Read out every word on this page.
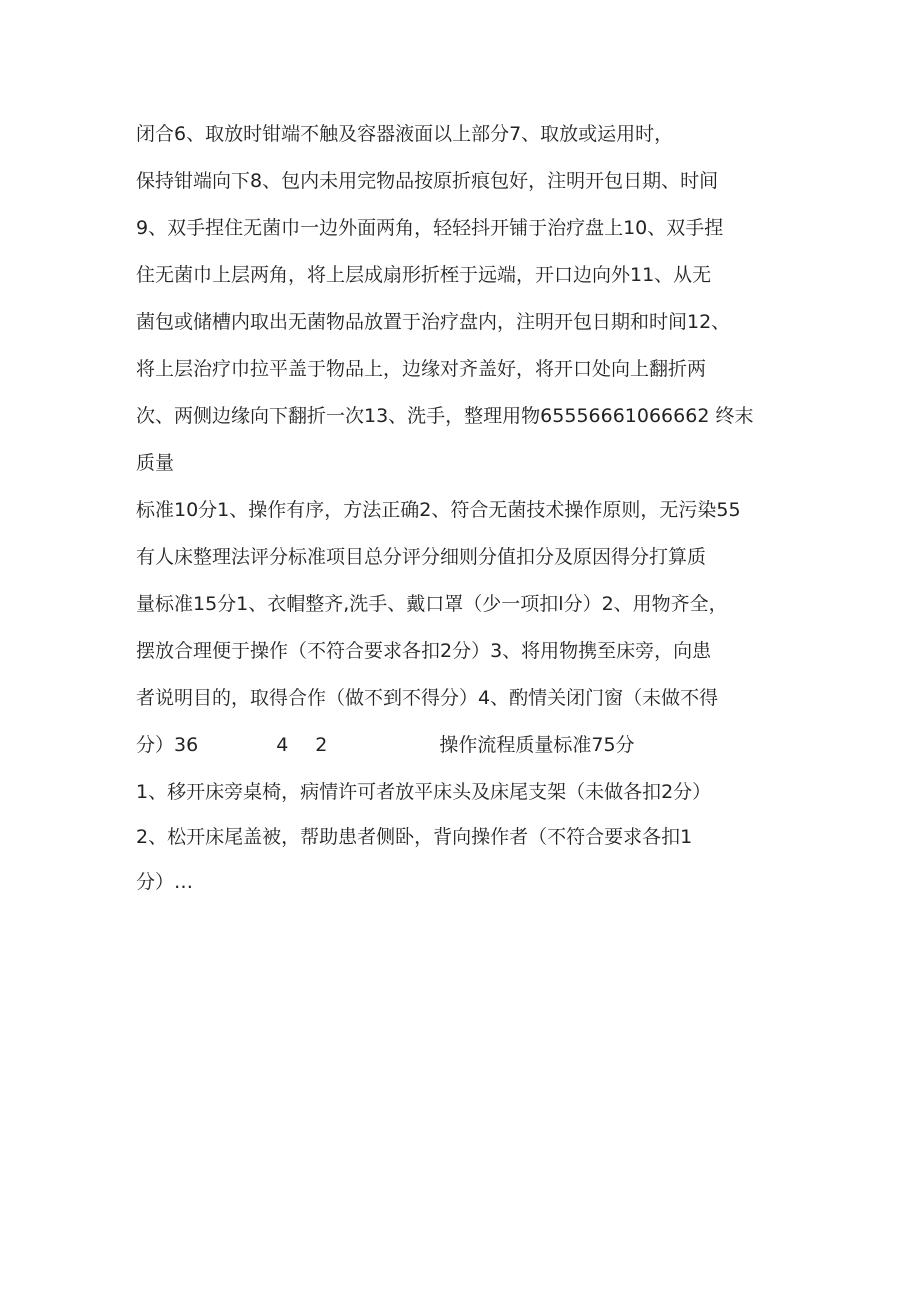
闭合6、取放时钳端不触及容器液面以上部分7、取放或运用时，
保持钳端向下8、包内未用完物品按原折痕包好，注明开包日期、时间
9、双手捏住无菌巾一边外面两角，轻轻抖开铺于治疗盘上10、双手捏
住无菌巾上层两角，将上层成扇形折桎于远端，开口边向外11、从无
菌包或储槽内取出无菌物品放置于治疗盘内，注明开包日期和时间12、
将上层治疗巾拉平盖于物品上，边缘对齐盖好，将开口处向上翻折两
次、两侧边缘向下翻折一次13、洗手，整理用物65556661066662 终末
质量
标准10分1、操作有序，方法正确2、符合无菌技术操作原则，无污染55
有人床整理法评分标准项目总分评分细则分值扣分及原因得分打算质
量标准15分1、衣帽整齐,洗手、戴口罩（少一项扣l分）2、用物齐全，
摆放合理便于操作（不符合要求各扣2分）3、将用物携至床旁，向患
者说明目的，取得合作（做不到不得分）4、酌情关闭门窗（未做不得
分）36	4 2	操作流程质量标准75分
1、移开床旁桌椅，病情许可者放平床头及床尾支架（未做各扣2分）
2、松开床尾盖被，帮助患者侧卧，背向操作者（不符合要求各扣1
分）…
